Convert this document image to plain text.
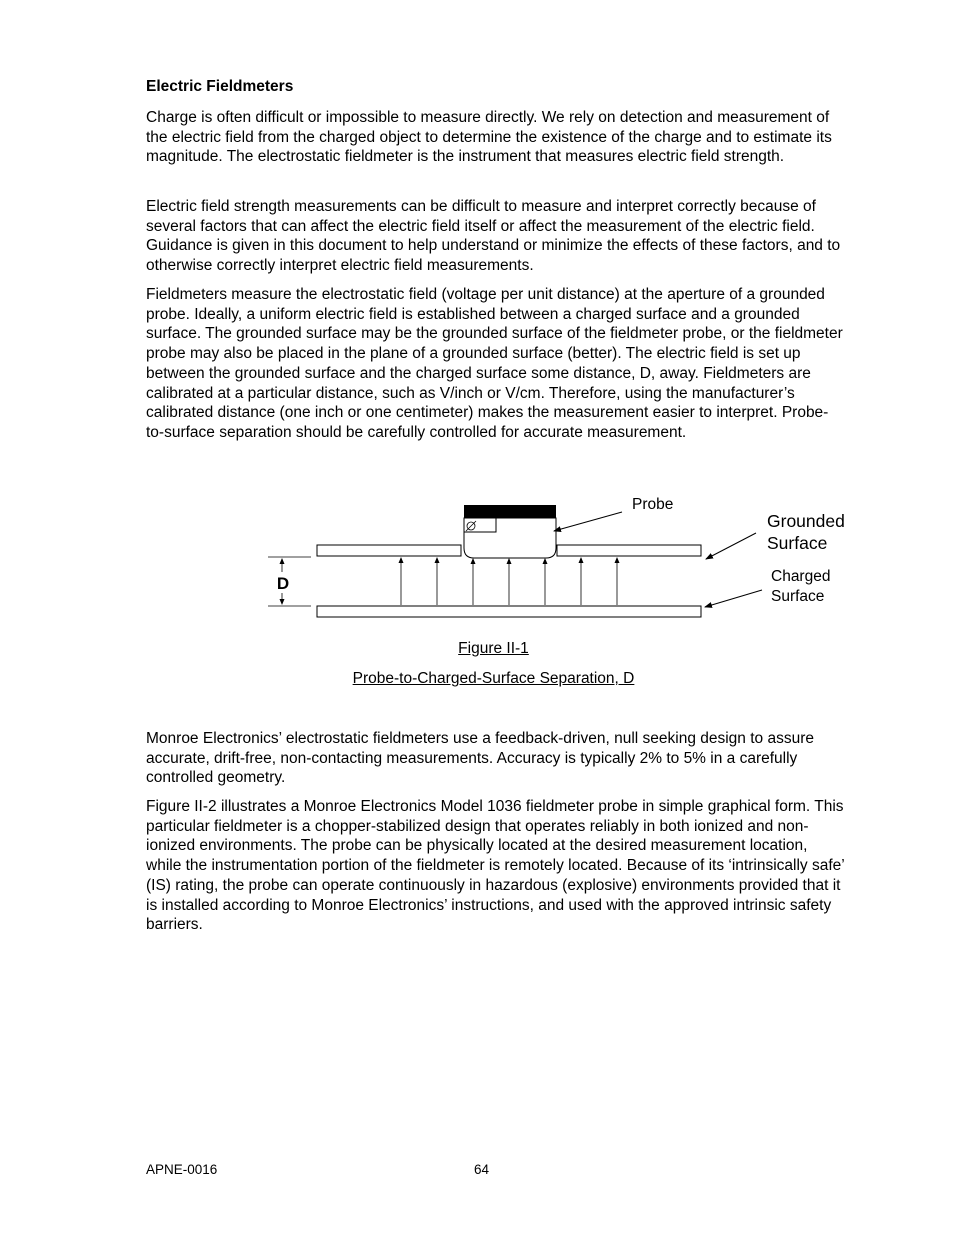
Electric Fieldmeters

Charge is often difficult or impossible to measure directly. We rely on detection and measurement of the electric field from the charged object to determine the existence of the charge and to estimate its magnitude. The electrostatic fieldmeter is the instrument that measures electric field strength.

Electric field strength measurements can be difficult to measure and interpret correctly because of several factors that can affect the electric field itself or affect the measurement of the electric field. Guidance is given in this document to help understand or minimize the effects of these factors, and to otherwise correctly interpret electric field measurements.

Fieldmeters measure the electrostatic field (voltage per unit distance) at the aperture of a grounded probe. Ideally, a uniform electric field is established between a charged surface and a grounded surface. The grounded surface may be the grounded surface of the fieldmeter probe, or the fieldmeter probe may also be placed in the plane of a grounded surface (better). The electric field is set up between the grounded surface and the charged surface some distance, D, away. Fieldmeters are calibrated at a particular distance, such as V/inch or V/cm. Therefore, using the manufacturer’s calibrated distance (one inch or one centimeter) makes the measurement easier to interpret. Probe-to-surface separation should be carefully controlled for accurate measurement.

D
Probe
Grounded
Surface
Charged
Surface
Figure II-1
Probe-to-Charged-Surface Separation, D

Monroe Electronics’ electrostatic fieldmeters use a feedback-driven, null seeking design to assure accurate, drift-free, non-contacting measurements. Accuracy is typically 2% to 5% in a carefully controlled geometry.

Figure II-2 illustrates a Monroe Electronics Model 1036 fieldmeter probe in simple graphical form. This particular fieldmeter is a chopper-stabilized design that operates reliably in both ionized and non-ionized environments. The probe can be physically located at the desired measurement location, while the instrumentation portion of the fieldmeter is remotely located. Because of its ‘intrinsically safe’ (IS) rating, the probe can operate continuously in hazardous (explosive) environments provided that it is installed according to Monroe Electronics’ instructions, and used with the approved intrinsic safety barriers.

APNE-0016	64
